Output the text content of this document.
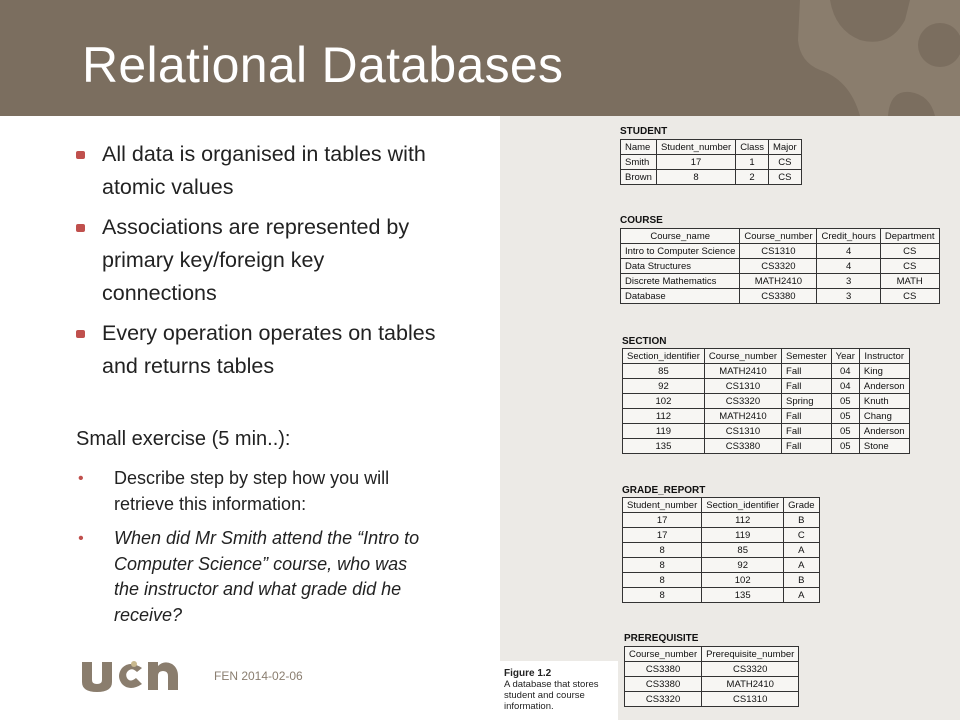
Relational Databases
All data is organised in tables with atomic values
Associations are represented by primary key/foreign key connections
Every operation operates on tables and returns tables
Small exercise (5 min..):
• Describe step by step how you will retrieve this information:
• When did Mr Smith attend the “Intro to Computer Science” course, who was the instructor and what grade did he receive?
ucn
FEN 2014-02-06
STUDENT
Name	Student_number	Class	Major
Smith	17	1	CS
Brown	8	2	CS
COURSE
Course_name	Course_number	Credit_hours	Department
Intro to Computer Science	CS1310	4	CS
Data Structures	CS3320	4	CS
Discrete Mathematics	MATH2410	3	MATH
Database	CS3380	3	CS
SECTION
Section_identifier	Course_number	Semester	Year	Instructor
85	MATH2410	Fall	04	King
92	CS1310	Fall	04	Anderson
102	CS3320	Spring	05	Knuth
112	MATH2410	Fall	05	Chang
119	CS1310	Fall	05	Anderson
135	CS3380	Fall	05	Stone
GRADE_REPORT
Student_number	Section_identifier	Grade
17	112	B
17	119	C
8	85	A
8	92	A
8	102	B
8	135	A
PREREQUISITE
Course_number	Prerequisite_number
CS3380	CS3320
CS3380	MATH2410
CS3320	CS1310
Figure 1.2
A database that stores student and course information.
